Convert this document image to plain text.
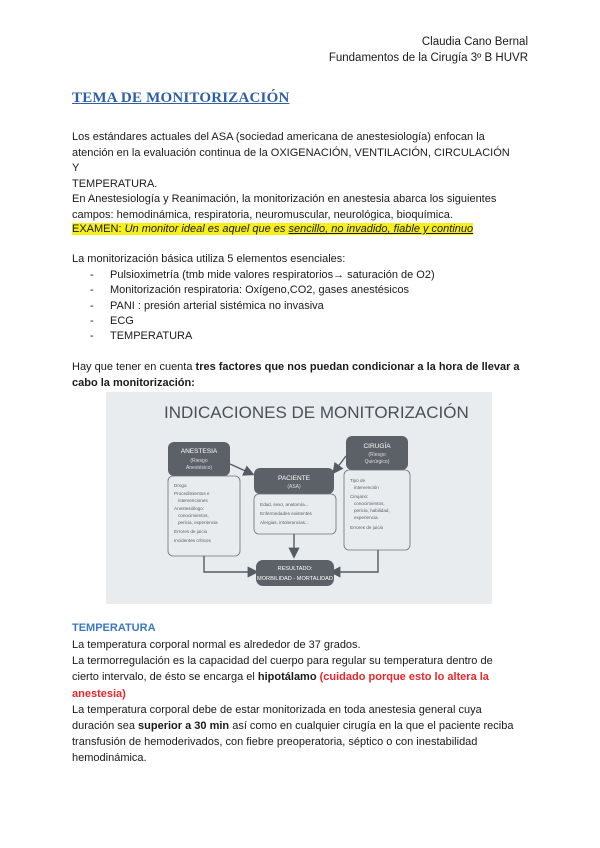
Claudia Cano Bernal
Fundamentos de la Cirugía 3º B HUVR
TEMA DE MONITORIZACIÓN
Los estándares actuales del ASA (sociedad americana de anestesiología) enfocan la
atención en la evaluación continua de la OXIGENACIÓN, VENTILACIÓN, CIRCULACIÓN Y
TEMPERATURA.
En Anestesiología y Reanimación, la monitorización en anestesia abarca los siguientes
campos: hemodinámica, respiratoria, neuromuscular, neurológica, bioquímica.
EXAMEN: Un monitor ideal es aquel que es sencillo, no invadido, fiable y continuo
La monitorización básica utiliza 5 elementos esenciales:
- Pulsioximetría (tmb mide valores respiratorios→ saturación de O2)
- Monitorización respiratoria: Oxígeno,CO2, gases anestésicos
- PANI : presión arterial sistémica no invasiva
- ECG
- TEMPERATURA
Hay que tener en cuenta tres factores que nos puedan condicionar a la hora de llevar a
cabo la monitorización:
INDICACIONES DE MONITORIZACIÓN
ANESTESIA
(Riesgo
Anestésico)
Droga
Procedimientos e
intervenciones
Anestesiólogo:
conocimientos,
pericia, experiencia
Errores de juicio
Incidentes críticos
PACIENTE
(ASA)
Edad, sexo, anatomía...
Enfermedades existentes
Alergias, intolerancias...
CIRUGÍA
(Riesgo
Quirúrgico)
Tipo de
intervención
Cirujano:
conocimientos,
pericia, habilidad,
experiencia.
Errores de juicio
RESULTADO:
MORBILIDAD - MORTALIDAD
TEMPERATURA
La temperatura corporal normal es alrededor de 37 grados.
La termorregulación es la capacidad del cuerpo para regular su temperatura dentro de
cierto intervalo, de ésto se encarga el hipotálamo (cuidado porque esto lo altera la
anestesia)
La temperatura corporal debe de estar monitorizada en toda anestesia general cuya
duración sea superior a 30 min así como en cualquier cirugía en la que el paciente reciba
transfusión de hemoderivados, con fiebre preoperatoria, séptico o con inestabilidad
hemodinámica.
